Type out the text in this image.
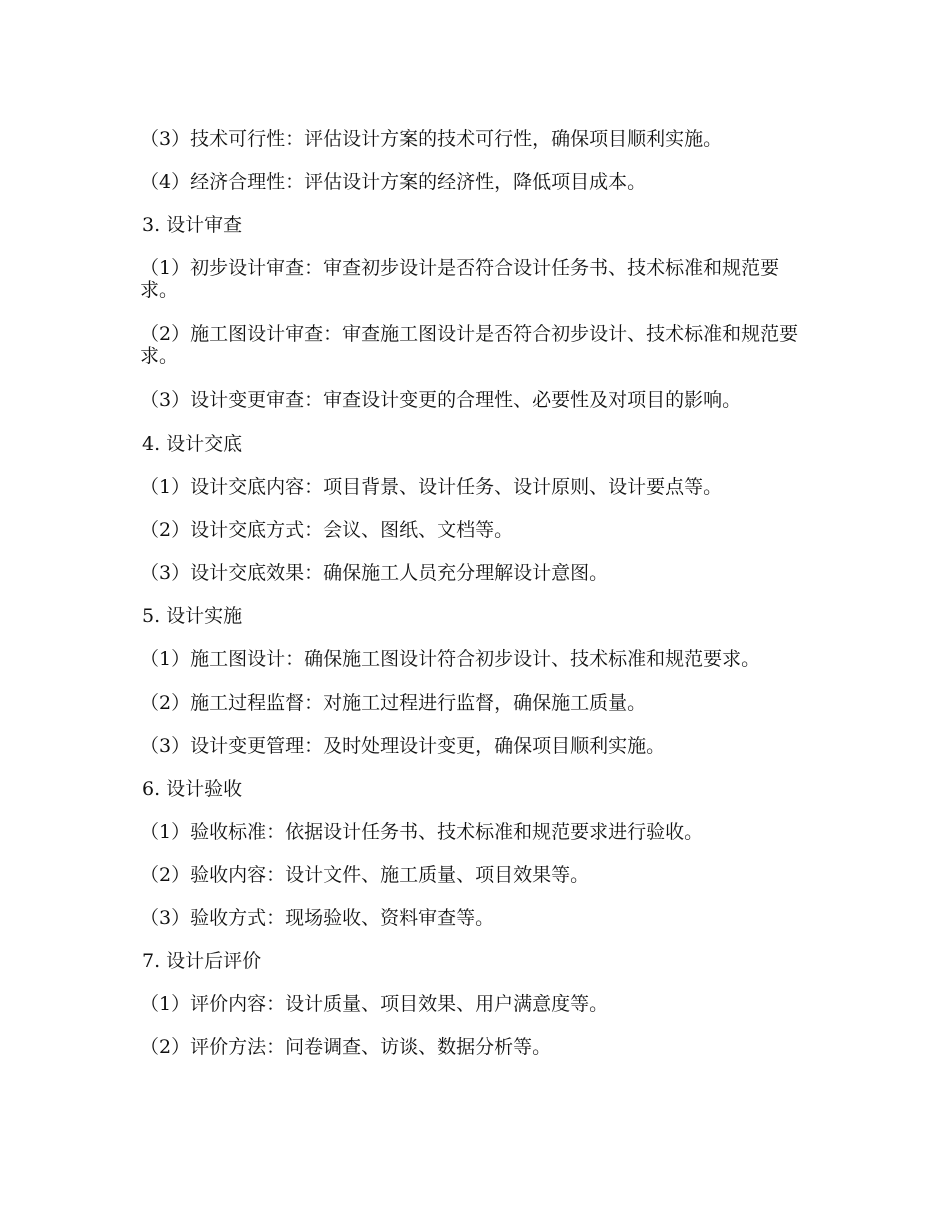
（3）技术可行性：评估设计方案的技术可行性，确保项目顺利实施。

（4）经济合理性：评估设计方案的经济性，降低项目成本。

3. 设计审查

（1）初步设计审查：审查初步设计是否符合设计任务书、技术标准和规范要求。

（2）施工图设计审查：审查施工图设计是否符合初步设计、技术标准和规范要求。

（3）设计变更审查：审查设计变更的合理性、必要性及对项目的影响。

4. 设计交底

（1）设计交底内容：项目背景、设计任务、设计原则、设计要点等。

（2）设计交底方式：会议、图纸、文档等。

（3）设计交底效果：确保施工人员充分理解设计意图。

5. 设计实施

（1）施工图设计：确保施工图设计符合初步设计、技术标准和规范要求。

（2）施工过程监督：对施工过程进行监督，确保施工质量。

（3）设计变更管理：及时处理设计变更，确保项目顺利实施。

6. 设计验收

（1）验收标准：依据设计任务书、技术标准和规范要求进行验收。

（2）验收内容：设计文件、施工质量、项目效果等。

（3）验收方式：现场验收、资料审查等。

7. 设计后评价

（1）评价内容：设计质量、项目效果、用户满意度等。

（2）评价方法：问卷调查、访谈、数据分析等。
